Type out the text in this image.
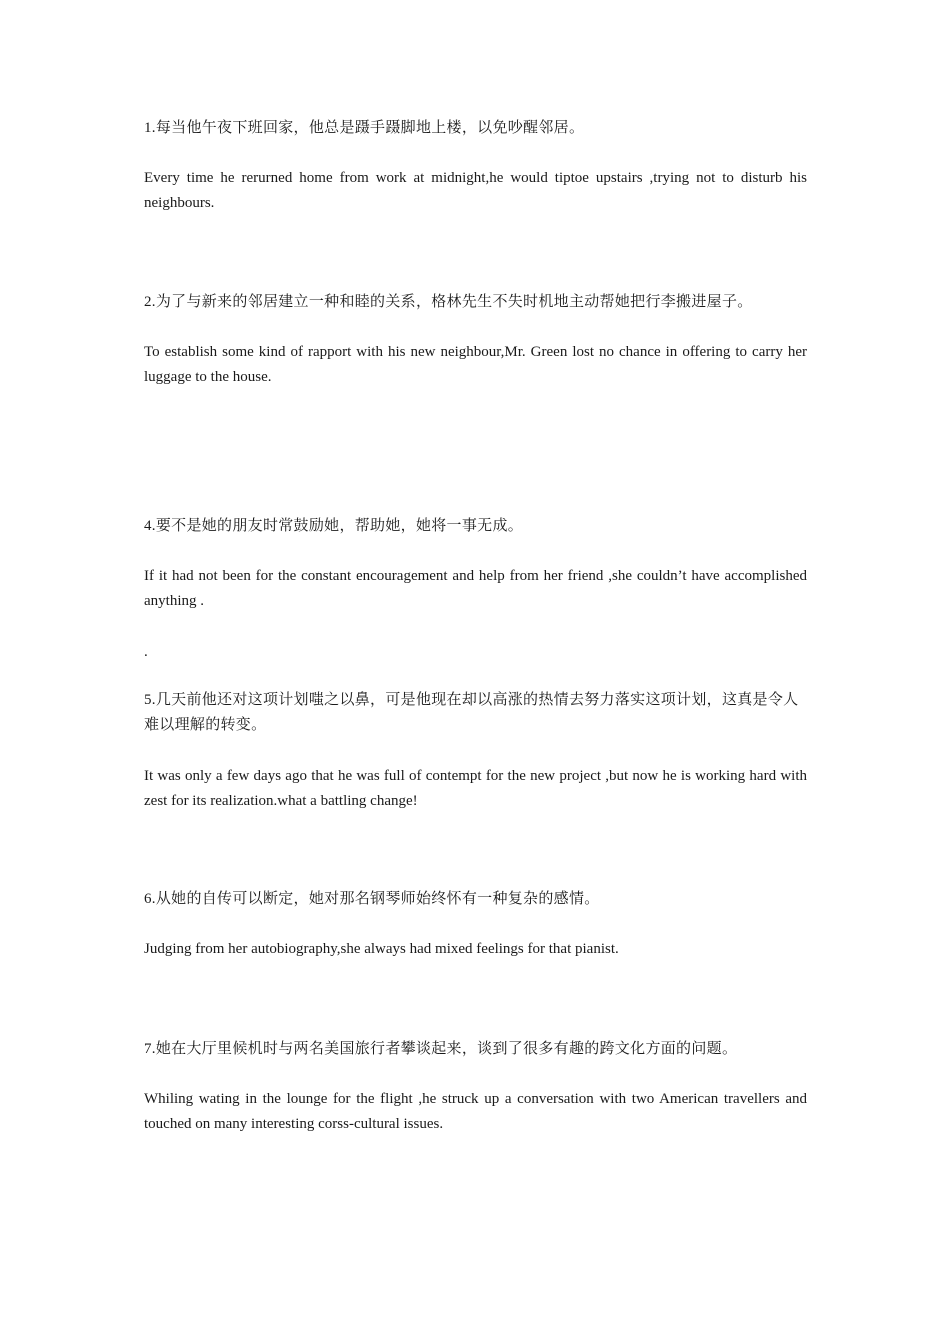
1.每当他午夜下班回家，他总是蹑手蹑脚地上楼，以免吵醒邻居。

Every time he rerurned home from work at midnight,he would tiptoe upstairs ,trying not to disturb his neighbours.

2.为了与新来的邻居建立一种和睦的关系，格林先生不失时机地主动帮她把行李搬进屋子。

To establish some kind of rapport with his new neighbour,Mr. Green lost no chance in offering to carry her luggage to the house.

4.要不是她的朋友时常鼓励她，帮助她，她将一事无成。

If it had not been for the constant encouragement and help from her friend ,she couldn’t have accomplished anything .

.

5.几天前他还对这项计划嗤之以鼻，可是他现在却以高涨的热情去努力落实这项计划，这真是令人难以理解的转变。

It was only a few days ago that he was full of contempt for the new project ,but now he is working hard with zest for its realization.what a battling change!

6.从她的自传可以断定，她对那名钢琴师始终怀有一种复杂的感情。

Judging from her autobiography,she always had mixed feelings for that pianist.

7.她在大厅里候机时与两名美国旅行者攀谈起来，谈到了很多有趣的跨文化方面的问题。

Whiling wating in the lounge for the flight ,he struck up a conversation with two American travellers and touched on many interesting corss-cultural issues.
